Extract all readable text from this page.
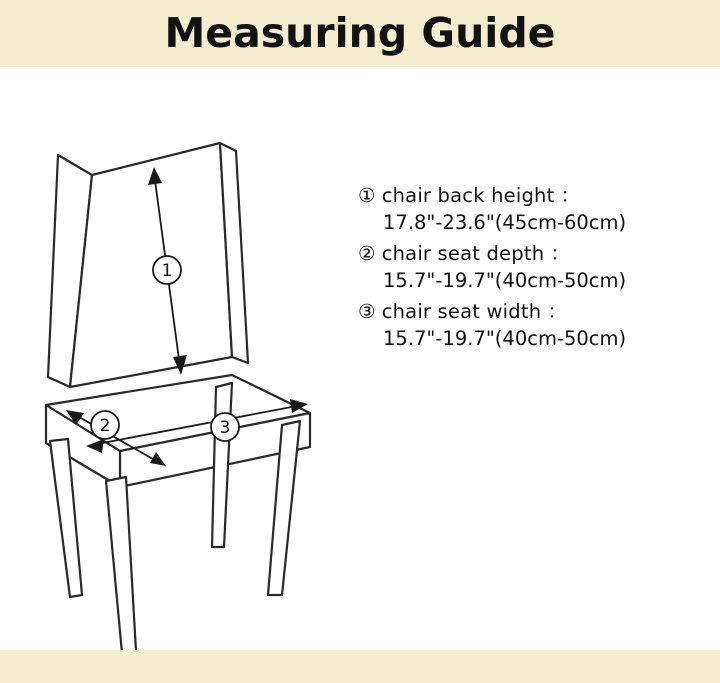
Measuring Guide
1
3
2
① chair back height ：
17.8"-23.6"(45cm-60cm)
② chair seat depth ：
15.7"-19.7"(40cm-50cm)
③ chair seat width ：
15.7"-19.7"(40cm-50cm)
